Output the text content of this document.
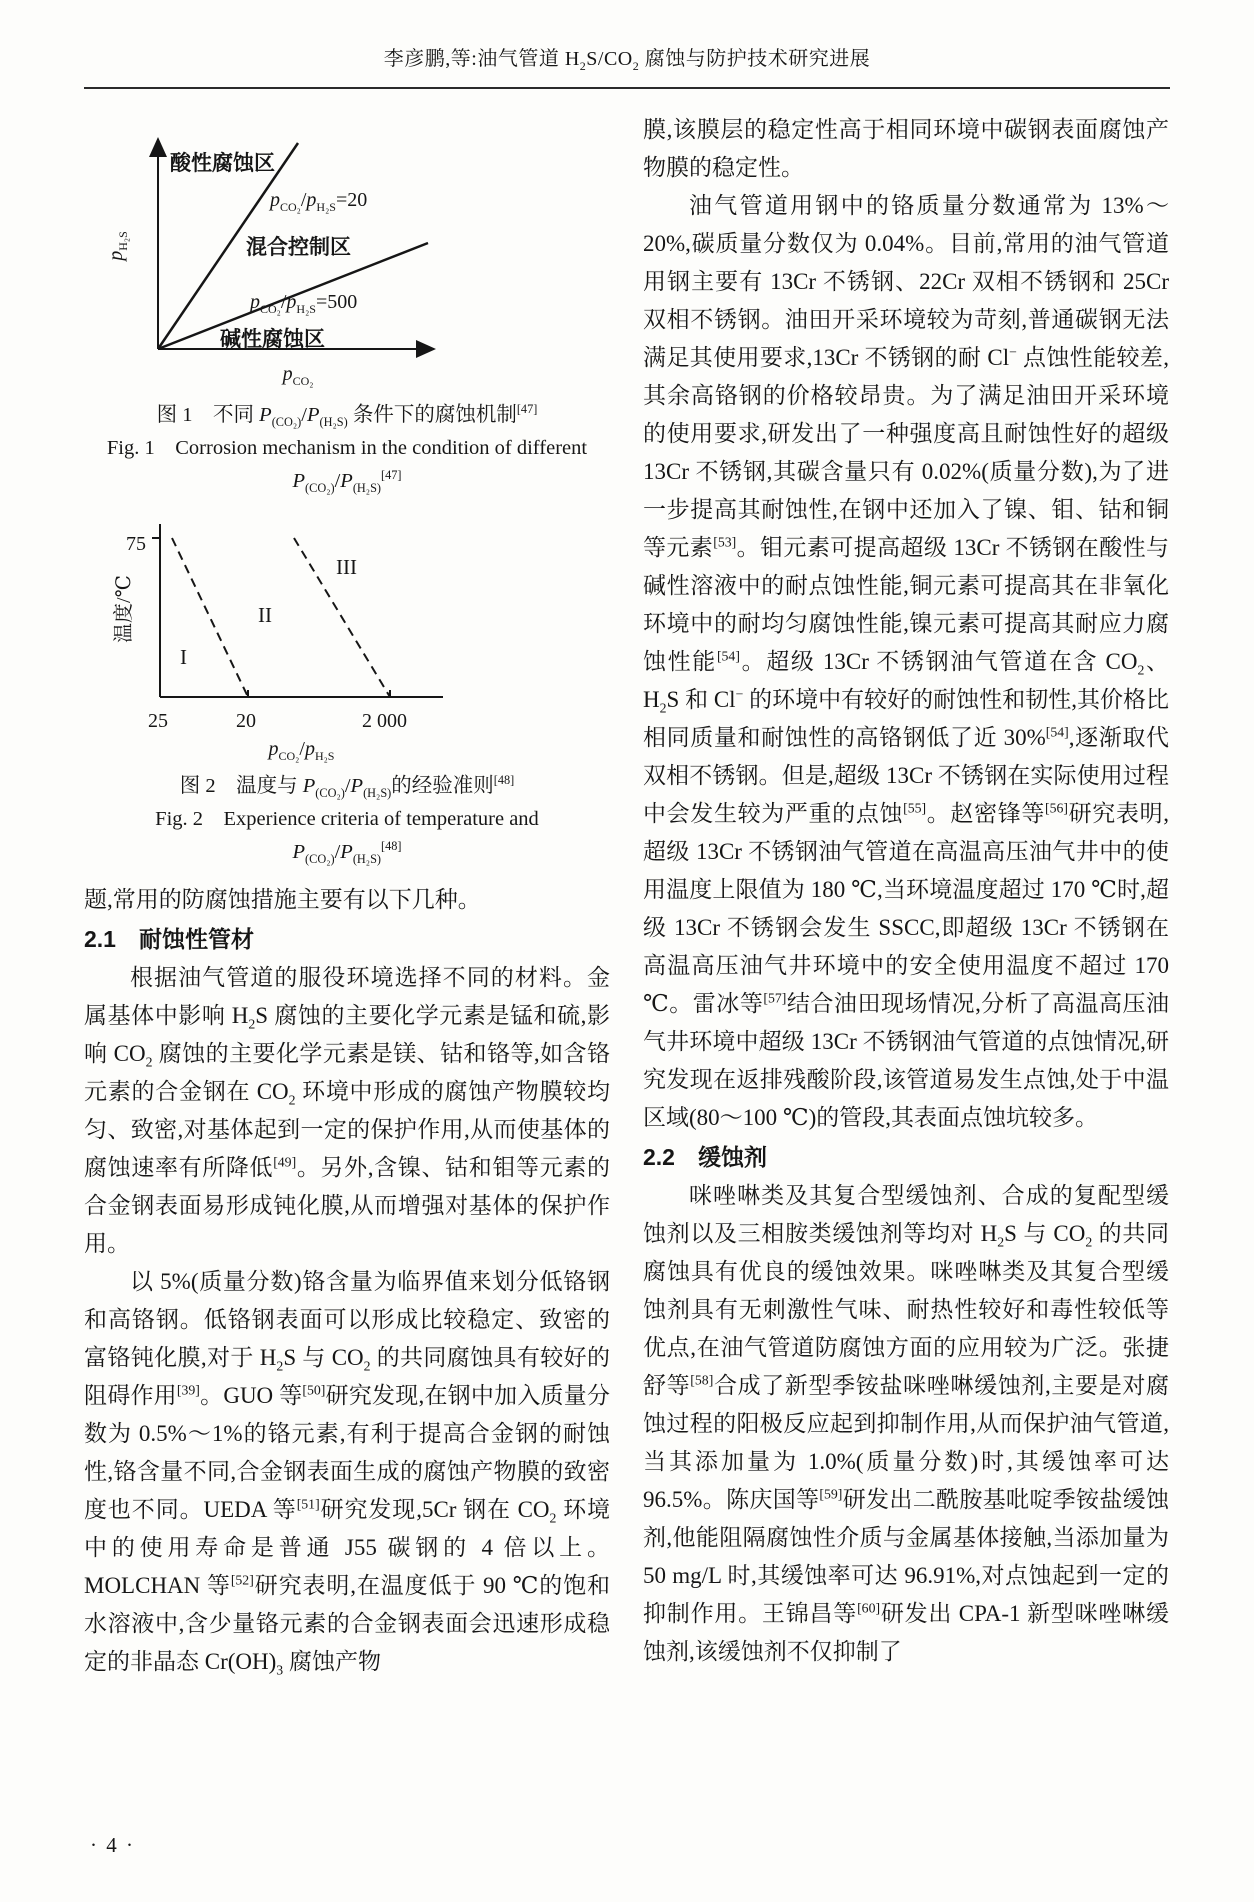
李彦鹏,等:油气管道 $H_2S/CO_2$ 腐蚀与防护技术研究进展
$p_{H_2S}$
酸性腐蚀区
$p_{CO_2}/p_{H_2S}=20$
混合控制区
$p_{CO_2}/p_{H_2S}=500$
碱性腐蚀区
$p_{CO_2}$

图 1　不同 $P_{(CO_2)}/P_{(H_2S)}$ 条件下的腐蚀机制[47]

Fig. 1　Corrosion mechanism in the condition of different

$P_{(CO_2)}/P_{(H_2S)}[47]$

75
温度/℃
I
II
III
25	20	2 000
$p_{CO_2}/p_{H_2S}$

图 2　温度与 $P_{(CO_2)}/P_{(H_2S)}$的经验准则[48]

Fig. 2　Experience criteria of temperature and

$P_{(CO_2)}/P_{(H_2S)}[48]$

题,常用的防腐蚀措施主要有以下几种。

2.1　耐蚀性管材

根据油气管道的服役环境选择不同的材料。金属基体中影响 $H_2S$ 腐蚀的主要化学元素是锰和硫,影响 $CO_2$ 腐蚀的主要化学元素是镁、钴和铬等,如含铬元素的合金钢在 $CO_2$ 环境中形成的腐蚀产物膜较均匀、致密,对基体起到一定的保护作用,从而使基体的腐蚀速率有所降低[49]。另外,含镍、钴和钼等元素的合金钢表面易形成钝化膜,从而增强对基体的保护作用。

以 5%(质量分数)铬含量为临界值来划分低铬钢和高铬钢。低铬钢表面可以形成比较稳定、致密的富铬钝化膜,对于 $H_2S$ 与 $CO_2$ 的共同腐蚀具有较好的阻碍作用[39]。GUO 等[50]研究发现,在钢中加入质量分数为 0.5%～1%的铬元素,有利于提高合金钢的耐蚀性,铬含量不同,合金钢表面生成的腐蚀产物膜的致密度也不同。UEDA 等[51]研究发现,5Cr 钢在 $CO_2$ 环境中的使用寿命是普通 J55 碳钢的 4 倍以上。MOLCHAN 等[52]研究表明,在温度低于 90 ℃的饱和水溶液中,含少量铬元素的合金钢表面会迅速形成稳定的非晶态 $Cr(OH)_3$ 腐蚀产物

膜,该膜层的稳定性高于相同环境中碳钢表面腐蚀产物膜的稳定性。

油气管道用钢中的铬质量分数通常为 13%～20%,碳质量分数仅为 0.04%。目前,常用的油气管道用钢主要有 13Cr 不锈钢、22Cr 双相不锈钢和 25Cr 双相不锈钢。油田开采环境较为苛刻,普通碳钢无法满足其使用要求,13Cr 不锈钢的耐 Cl− 点蚀性能较差,其余高铬钢的价格较昂贵。为了满足油田开采环境的使用要求,研发出了一种强度高且耐蚀性好的超级 13Cr 不锈钢,其碳含量只有 0.02%(质量分数),为了进一步提高其耐蚀性,在钢中还加入了镍、钼、钴和铜等元素[53]。钼元素可提高超级 13Cr 不锈钢在酸性与碱性溶液中的耐点蚀性能,铜元素可提高其在非氧化环境中的耐均匀腐蚀性能,镍元素可提高其耐应力腐蚀性能[54]。超级 13Cr 不锈钢油气管道在含 $CO_2$、$H_2S$ 和 Cl− 的环境中有较好的耐蚀性和韧性,其价格比相同质量和耐蚀性的高铬钢低了近 30%[54],逐渐取代双相不锈钢。但是,超级 13Cr 不锈钢在实际使用过程中会发生较为严重的点蚀[55]。赵密锋等[56]研究表明,超级 13Cr 不锈钢油气管道在高温高压油气井中的使用温度上限值为 180 ℃,当环境温度超过 170 ℃时,超级 13Cr 不锈钢会发生 SSCC,即超级 13Cr 不锈钢在高温高压油气井环境中的安全使用温度不超过 170 ℃。雷冰等[57]结合油田现场情况,分析了高温高压油气井环境中超级 13Cr 不锈钢油气管道的点蚀情况,研究发现在返排残酸阶段,该管道易发生点蚀,处于中温区域(80～100 ℃)的管段,其表面点蚀坑较多。

2.2　缓蚀剂

咪唑啉类及其复合型缓蚀剂、合成的复配型缓蚀剂以及三相胺类缓蚀剂等均对 $H_2S$ 与 $CO_2$ 的共同腐蚀具有优良的缓蚀效果。咪唑啉类及其复合型缓蚀剂具有无刺激性气味、耐热性较好和毒性较低等优点,在油气管道防腐蚀方面的应用较为广泛。张捷舒等[58]合成了新型季铵盐咪唑啉缓蚀剂,主要是对腐蚀过程的阳极反应起到抑制作用,从而保护油气管道,当其添加量为 1.0%(质量分数)时,其缓蚀率可达 96.5%。陈庆国等[59]研发出二酰胺基吡啶季铵盐缓蚀剂,他能阻隔腐蚀性介质与金属基体接触,当添加量为 50 mg/L 时,其缓蚀率可达 96.91%,对点蚀起到一定的抑制作用。王锦昌等[60]研发出 CPA-1 新型咪唑啉缓蚀剂,该缓蚀剂不仅抑制了

· 4 ·
